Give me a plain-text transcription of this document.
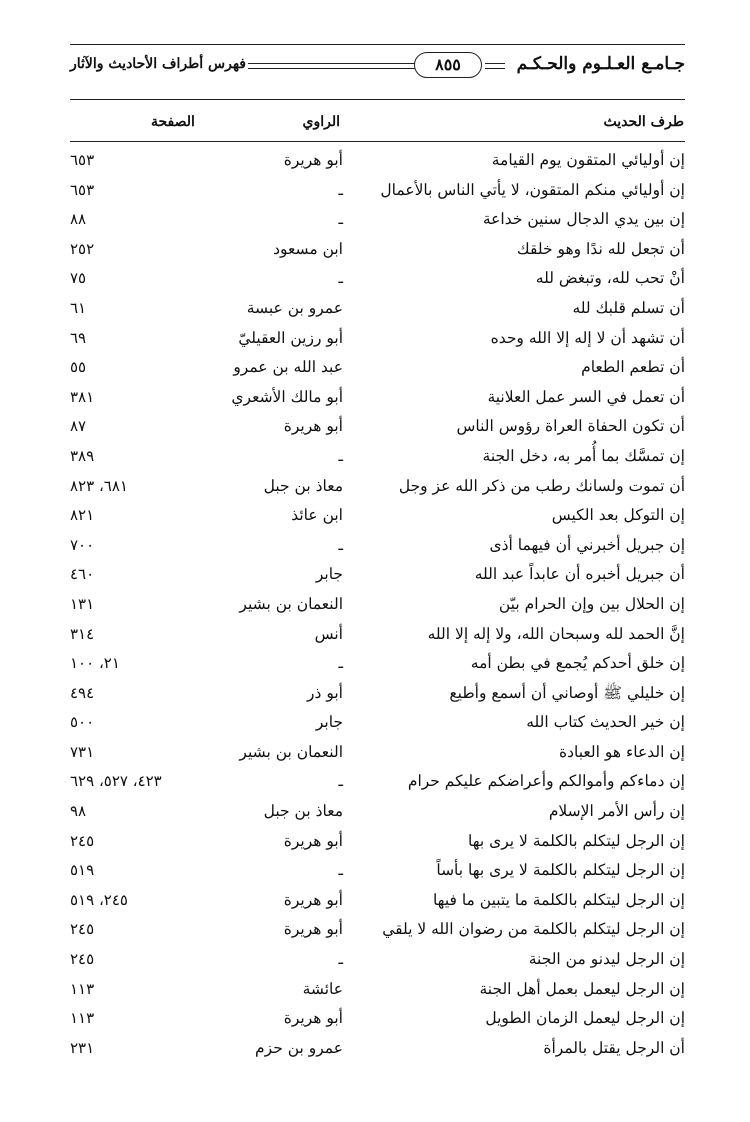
جـامـع العـلـوم والحـكـم
٨٥٥
فهرس أطراف الأحاديث والآثار
طرف الحديث
الراوي
الصفحة
إن أوليائي المتقون يوم القيامة
أبو هريرة
٦٥٣
إن أوليائي منكم المتقون، لا يأتي الناس بالأعمال
ـ
٦٥٣
إن بين يدي الدجال سنين خداعة
ـ
٨٨
أن تجعل لله ندًا وهو خلقك
ابن مسعود
٢٥٢
أنْ تحب لله، وتبغض لله
ـ
٧٥
أن تسلم قلبك لله
عمرو بن عبسة
٦١
أن تشهد أن لا إله إلا الله وحده
أبو رزين العقيليّ
٦٩
أن تطعم الطعام
عبد الله بن عمرو
٥٥
أن تعمل في السر عمل العلانية
أبو مالك الأشعري
٣٨١
أن تكون الحفاة العراة رؤوس الناس
أبو هريرة
٨٧
إن تمسَّك بما أُمر به، دخل الجنة
ـ
٣٨٩
أن تموت ولسانك رطب من ذكر الله عز وجل
معاذ بن جبل
٦٨١، ٨٢٣
إن التوكل بعد الكيس
ابن عائذ
٨٢١
إن جبريل أخبرني أن فيهما أذى
ـ
٧٠٠
أن جبريل أخبره أن عابداً عبد الله
جابر
٤٦٠
إن الحلال بين وإن الحرام بيّن
النعمان بن بشير
١٣١
إنَّ الحمد لله وسبحان الله، ولا إله إلا الله
أنس
٣١٤
إن خلق أحدكم يُجمع في بطن أمه
ـ
٢١، ١٠٠
إن خليلي ﷺ أوصاني أن أسمع وأطيع
أبو ذر
٤٩٤
إن خير الحديث كتاب الله
جابر
٥٠٠
إن الدعاء هو العبادة
النعمان بن بشير
٧٣١
إن دماءكم وأموالكم وأعراضكم عليكم حرام
ـ
٤٢٣، ٥٢٧، ٦٢٩
إن رأس الأمر الإسلام
معاذ بن جبل
٩٨
إن الرجل ليتكلم بالكلمة لا يرى بها
أبو هريرة
٢٤٥
إن الرجل ليتكلم بالكلمة لا يرى بها بأساً
ـ
٥١٩
إن الرجل ليتكلم بالكلمة ما يتبين ما فيها
أبو هريرة
٢٤٥، ٥١٩
إن الرجل ليتكلم بالكلمة من رضوان الله لا يلقي
أبو هريرة
٢٤٥
إن الرجل ليدنو من الجنة
ـ
٢٤٥
إن الرجل ليعمل بعمل أهل الجنة
عائشة
١١٣
إن الرجل ليعمل الزمان الطويل
أبو هريرة
١١٣
أن الرجل يقتل بالمرأة
عمرو بن حزم
٢٣١
